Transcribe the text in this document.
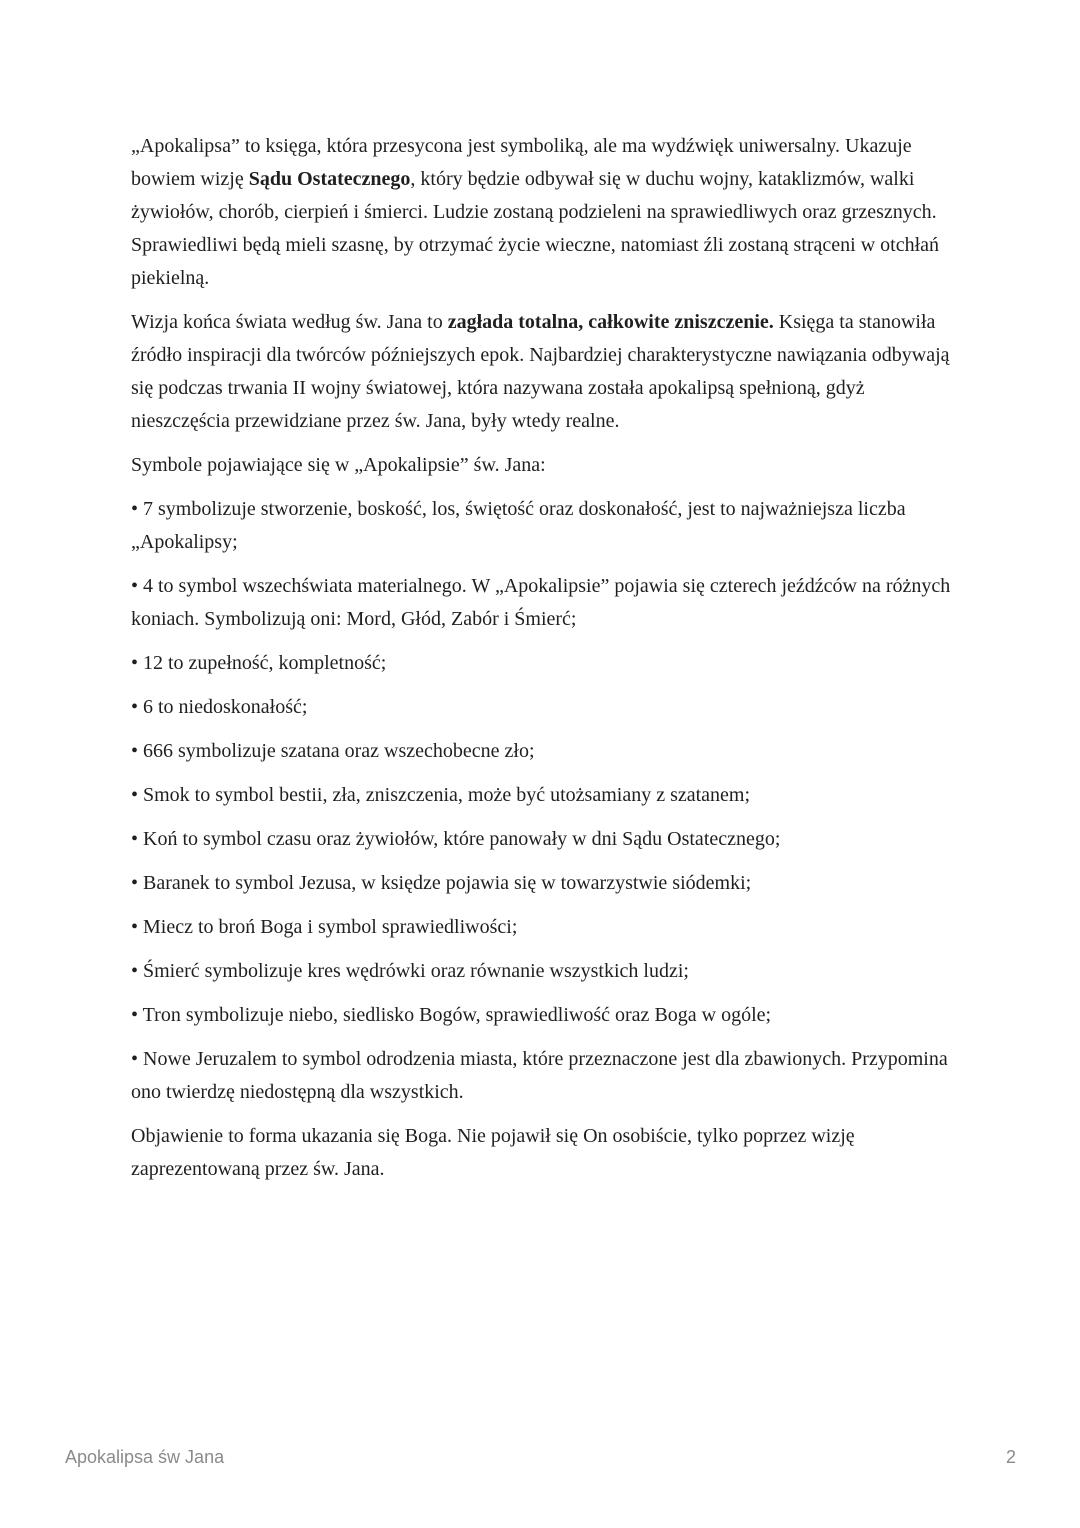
„Apokalipsa” to księga, która przesycona jest symboliką, ale ma wydźwięk uniwersalny. Ukazuje bowiem wizję Sądu Ostatecznego, który będzie odbywał się w duchu wojny, kataklizmów, walki żywiołów, chorób, cierpień i śmierci. Ludzie zostaną podzieleni na sprawiedliwych oraz grzesznych. Sprawiedliwi będą mieli szasnę, by otrzymać życie wieczne, natomiast źli zostaną strąceni w otchłań piekielną.

Wizja końca świata według św. Jana to zagłada totalna, całkowite zniszczenie. Księga ta stanowiła źródło inspiracji dla twórców późniejszych epok. Najbardziej charakterystyczne nawiązania odbywają się podczas trwania II wojny światowej, która nazywana została apokalipsą spełnioną, gdyż nieszczęścia przewidziane przez św. Jana, były wtedy realne.

Symbole pojawiające się w „Apokalipsie” św. Jana:

• 7 symbolizuje stworzenie, boskość, los, świętość oraz doskonałość, jest to najważniejsza liczba „Apokalipsy;

• 4 to symbol wszechświata materialnego. W „Apokalipsie” pojawia się czterech jeźdźców na różnych koniach. Symbolizują oni: Mord, Głód, Zabór i Śmierć;

• 12 to zupełność, kompletność;

• 6 to niedoskonałość;

• 666 symbolizuje szatana oraz wszechobecne zło;

• Smok to symbol bestii, zła, zniszczenia, może być utożsamiany z szatanem;

• Koń to symbol czasu oraz żywiołów, które panowały w dni Sądu Ostatecznego;

• Baranek to symbol Jezusa, w księdze pojawia się w towarzystwie siódemki;

• Miecz to broń Boga i symbol sprawiedliwości;

• Śmierć symbolizuje kres wędrówki oraz równanie wszystkich ludzi;

• Tron symbolizuje niebo, siedlisko Bogów, sprawiedliwość oraz Boga w ogóle;

• Nowe Jeruzalem to symbol odrodzenia miasta, które przeznaczone jest dla zbawionych. Przypomina ono twierdzę niedostępną dla wszystkich.

Objawienie to forma ukazania się Boga. Nie pojawił się On osobiście, tylko poprzez wizję zaprezentowaną przez św. Jana.

Apokalipsa św Jana	2
